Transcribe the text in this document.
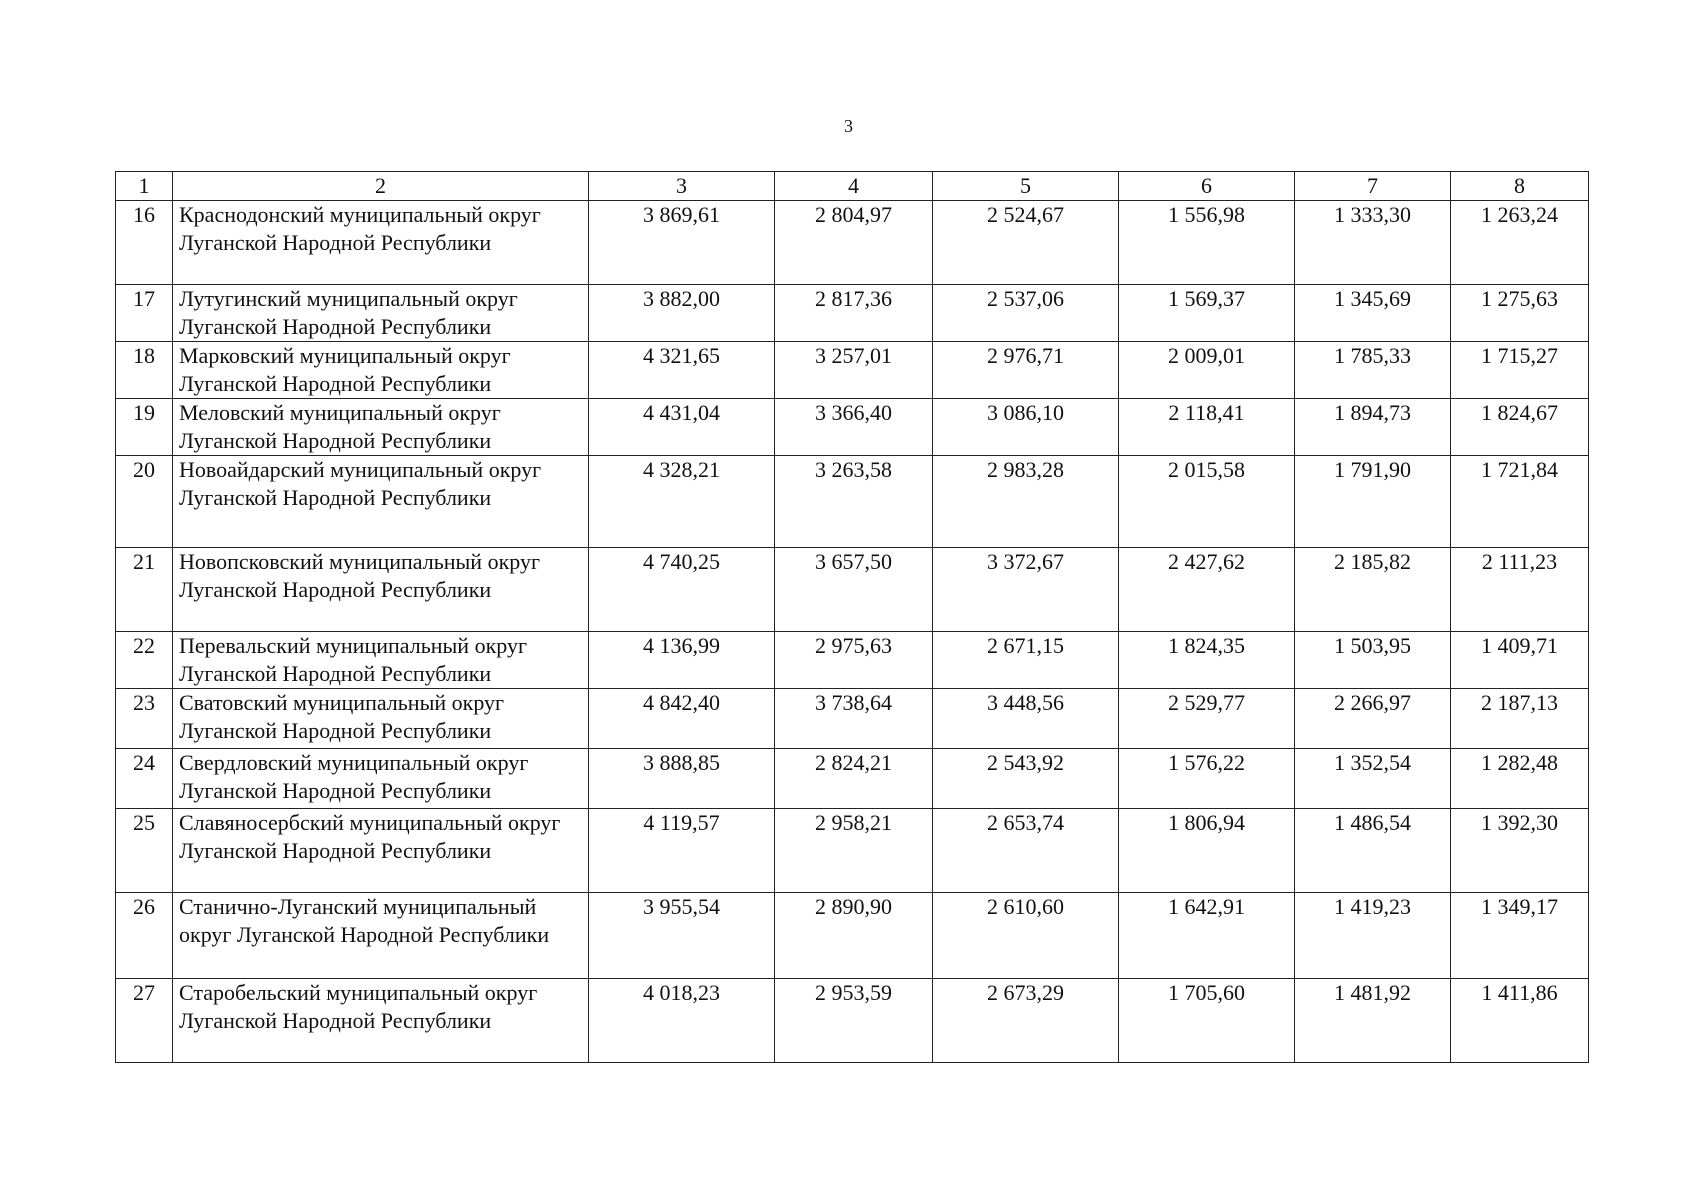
3
1	2	3	4	5	6	7	8
16	Краснодонский муниципальный округ Луганской Народной Республики	3 869,61	2 804,97	2 524,67	1 556,98	1 333,30	1 263,24
17	Лутугинский муниципальный округ Луганской Народной Республики	3 882,00	2 817,36	2 537,06	1 569,37	1 345,69	1 275,63
18	Марковский муниципальный округ Луганской Народной Республики	4 321,65	3 257,01	2 976,71	2 009,01	1 785,33	1 715,27
19	Меловский муниципальный округ Луганской Народной Республики	4 431,04	3 366,40	3 086,10	2 118,41	1 894,73	1 824,67
20	Новоайдарский муниципальный округ Луганской Народной Республики	4 328,21	3 263,58	2 983,28	2 015,58	1 791,90	1 721,84
21	Новопсковский муниципальный округ Луганской Народной Республики	4 740,25	3 657,50	3 372,67	2 427,62	2 185,82	2 111,23
22	Перевальский муниципальный округ Луганской Народной Республики	4 136,99	2 975,63	2 671,15	1 824,35	1 503,95	1 409,71
23	Сватовский муниципальный округ Луганской Народной Республики	4 842,40	3 738,64	3 448,56	2 529,77	2 266,97	2 187,13
24	Свердловский муниципальный округ Луганской Народной Республики	3 888,85	2 824,21	2 543,92	1 576,22	1 352,54	1 282,48
25	Славяносербский муниципальный округ Луганской Народной Республики	4 119,57	2 958,21	2 653,74	1 806,94	1 486,54	1 392,30
26	Станично-Луганский муниципальный округ Луганской Народной Республики	3 955,54	2 890,90	2 610,60	1 642,91	1 419,23	1 349,17
27	Старобельский муниципальный округ Луганской Народной Республики	4 018,23	2 953,59	2 673,29	1 705,60	1 481,92	1 411,86
